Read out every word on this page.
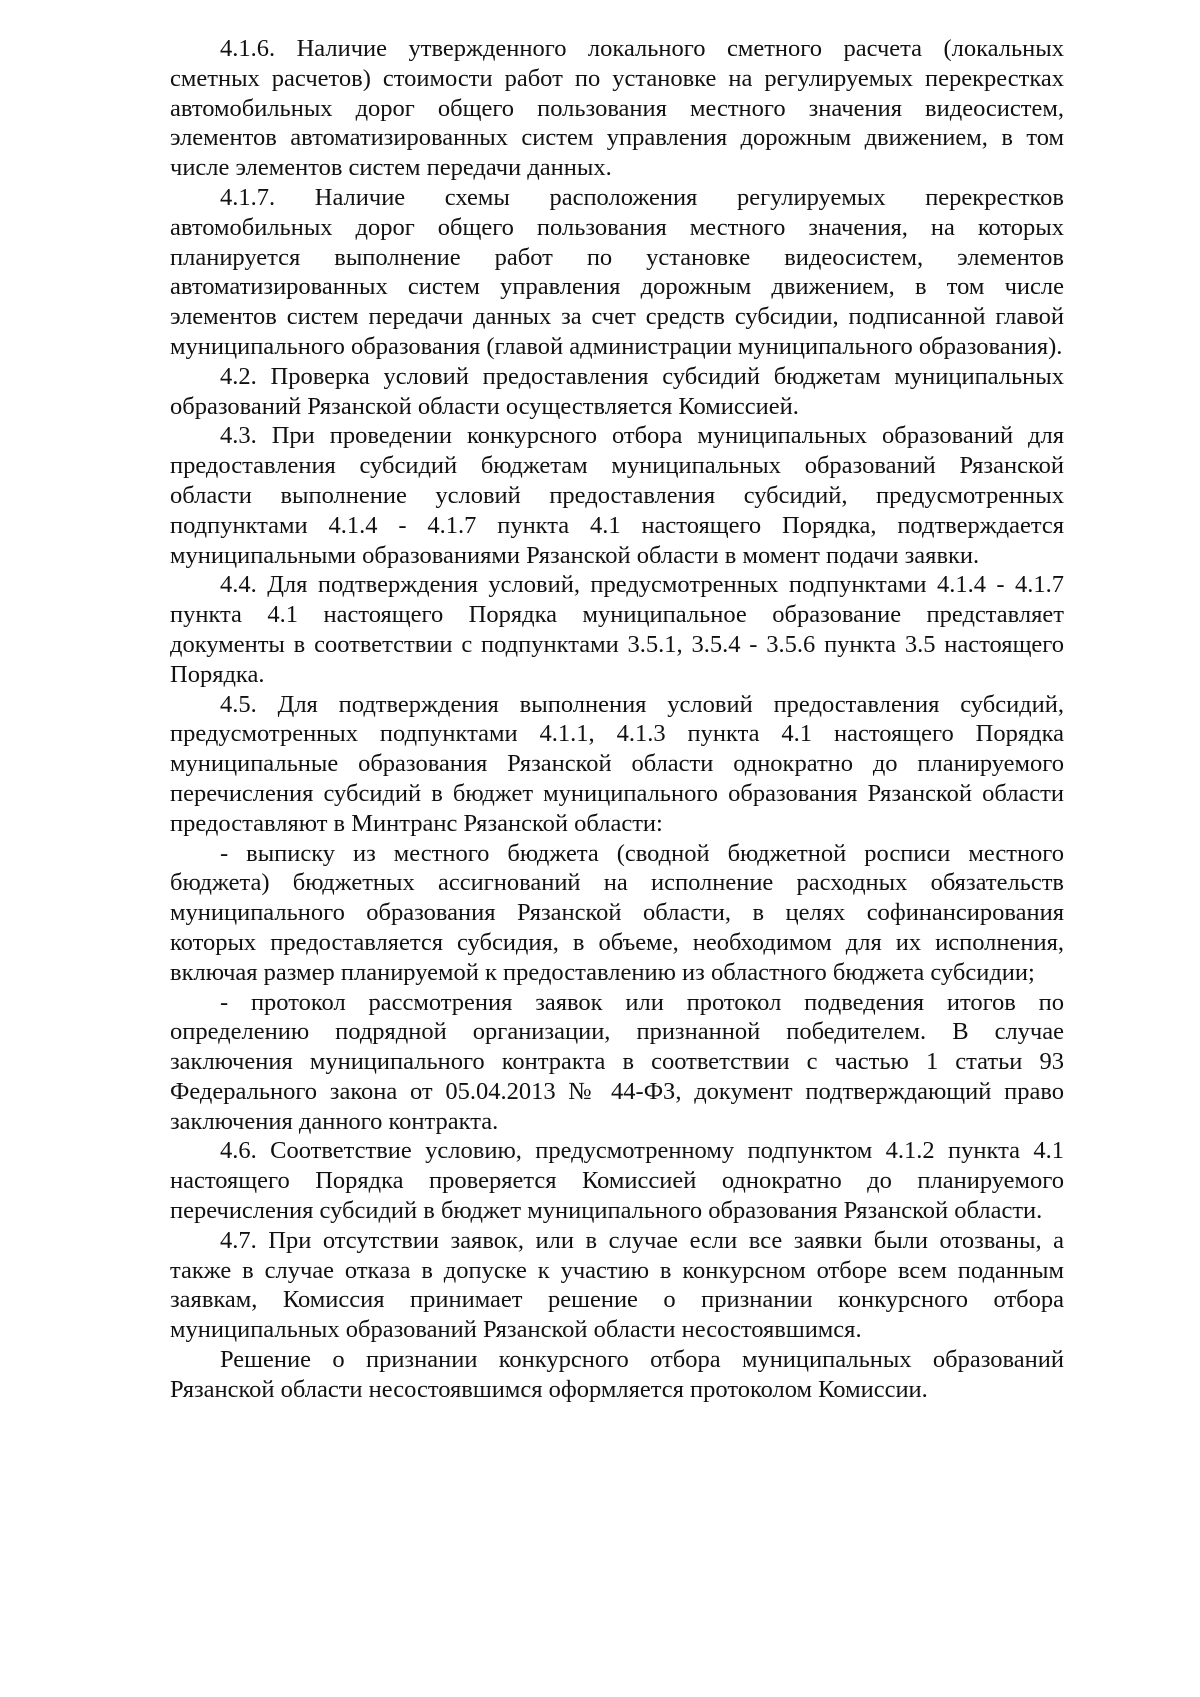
4.1.6. Наличие утвержденного локального сметного расчета (локальных сметных расчетов) стоимости работ по установке на регулируемых перекрестках автомобильных дорог общего пользования местного значения видеосистем, элементов автоматизированных систем управления дорожным движением, в том числе элементов систем передачи данных.

4.1.7. Наличие схемы расположения регулируемых перекрестков автомобильных дорог общего пользования местного значения, на которых планируется выполнение работ по установке видеосистем, элементов автоматизированных систем управления дорожным движением, в том числе элементов систем передачи данных за счет средств субсидии, подписанной главой муниципального образования (главой администрации муниципального образования).

4.2. Проверка условий предоставления субсидий бюджетам муниципальных образований Рязанской области осуществляется Комиссией.

4.3. При проведении конкурсного отбора муниципальных образований для предоставления субсидий бюджетам муниципальных образований Рязанской области выполнение условий предоставления субсидий, предусмотренных подпунктами 4.1.4 - 4.1.7 пункта 4.1 настоящего Порядка, подтверждается муниципальными образованиями Рязанской области в момент подачи заявки.

4.4. Для подтверждения условий, предусмотренных подпунктами 4.1.4 - 4.1.7 пункта 4.1 настоящего Порядка муниципальное образование представляет документы в соответствии с подпунктами 3.5.1, 3.5.4 - 3.5.6 пункта 3.5 настоящего Порядка.

4.5. Для подтверждения выполнения условий предоставления субсидий, предусмотренных подпунктами 4.1.1, 4.1.3 пункта 4.1 настоящего Порядка муниципальные образования Рязанской области однократно до планируемого перечисления субсидий в бюджет муниципального образования Рязанской области предоставляют в Минтранс Рязанской области:

- выписку из местного бюджета (сводной бюджетной росписи местного бюджета) бюджетных ассигнований на исполнение расходных обязательств муниципального образования Рязанской области, в целях софинансирования которых предоставляется субсидия, в объеме, необходимом для их исполнения, включая размер планируемой к предоставлению из областного бюджета субсидии;

- протокол рассмотрения заявок или протокол подведения итогов по определению подрядной организации, признанной победителем. В случае заключения муниципального контракта в соответствии с частью 1 статьи 93 Федерального закона от 05.04.2013 № 44-ФЗ, документ подтверждающий право заключения данного контракта.

4.6. Соответствие условию, предусмотренному подпунктом 4.1.2 пункта 4.1 настоящего Порядка проверяется Комиссией однократно до планируемого перечисления субсидий в бюджет муниципального образования Рязанской области.

4.7. При отсутствии заявок, или в случае если все заявки были отозваны, а также в случае отказа в допуске к участию в конкурсном отборе всем поданным заявкам, Комиссия принимает решение о признании конкурсного отбора муниципальных образований Рязанской области несостоявшимся.

Решение о признании конкурсного отбора муниципальных образований Рязанской области несостоявшимся оформляется протоколом Комиссии.
